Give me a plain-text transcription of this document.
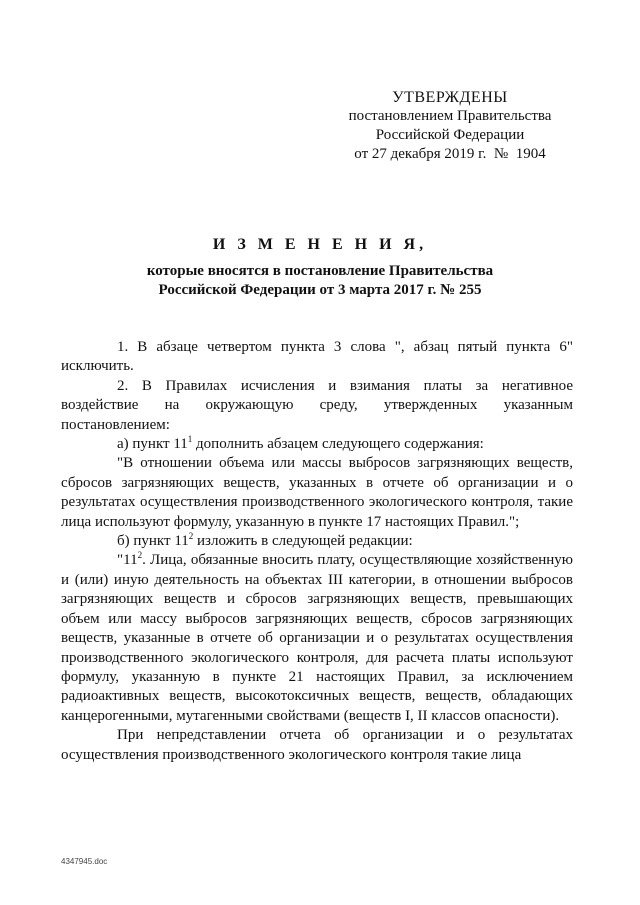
УТВЕРЖДЕНЫ
постановлением Правительства
Российской Федерации
от 27 декабря 2019 г.  №  1904
И З М Е Н Е Н И Я,
которые вносятся в постановление Правительства
Российской Федерации от 3 марта 2017 г. № 255

1. В абзаце четвертом пункта 3 слова ", абзац пятый пункта 6" исключить.

2. В Правилах исчисления и взимания платы за негативное воздействие на окружающую среду, утвержденных указанным постановлением:

а) пункт $11^1$ дополнить абзацем следующего содержания:

"В отношении объема или массы выбросов загрязняющих веществ, сбросов загрязняющих веществ, указанных в отчете об организации и о результатах осуществления производственного экологического контроля, такие лица используют формулу, указанную в пункте 17 настоящих Правил.";

б) пункт $11^2$ изложить в следующей редакции:

"$11^2$. Лица, обязанные вносить плату, осуществляющие хозяйственную и (или) иную деятельность на объектах III категории, в отношении выбросов загрязняющих веществ и сбросов загрязняющих веществ, превышающих объем или массу выбросов загрязняющих веществ, сбросов загрязняющих веществ, указанные в отчете об организации и о результатах осуществления производственного экологического контроля, для расчета платы используют формулу, указанную в пункте 21 настоящих Правил, за исключением радиоактивных веществ, высокотоксичных веществ, веществ, обладающих канцерогенными, мутагенными свойствами (веществ I, II классов опасности).

При непредставлении отчета об организации и о результатах осуществления производственного экологического контроля такие лица

4347945.doc
